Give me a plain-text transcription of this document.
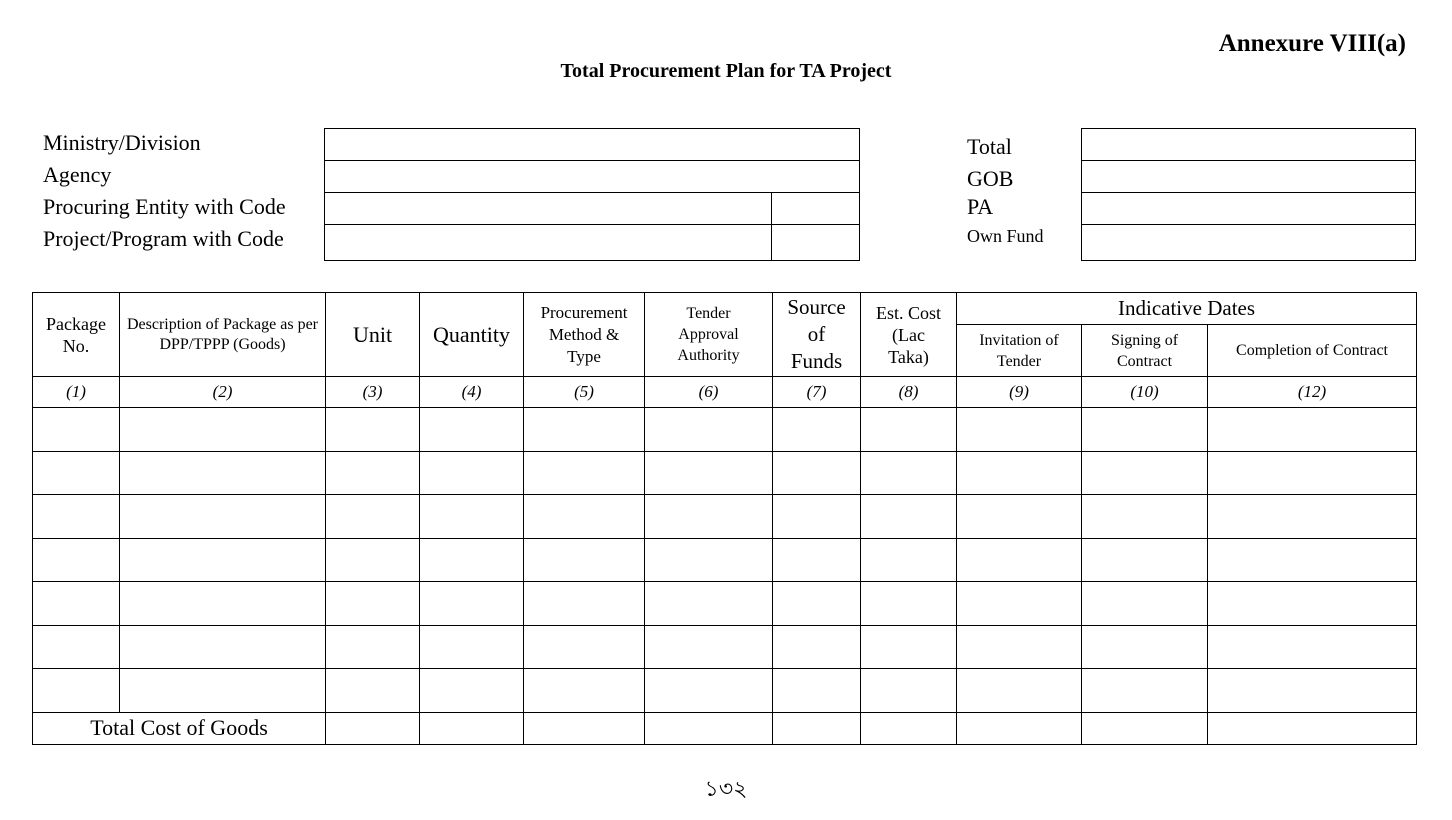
Annexure VIII(a)
Total Procurement Plan for TA Project
Ministry/Division
Agency
Procuring Entity with Code
Project/Program with Code
Total
GOB
PA
Own Fund
Package No.	Description of Package as per DPP/TPPP (Goods)	Unit	Quantity	Procurement Method & Type	Tender Approval Authority	Source of Funds	Est. Cost (Lac Taka)	Indicative Dates		
								Invitation of Tender	Signing of Contract	Completion of Contract
(1)	(2)	(3)	(4)	(5)	(6)	(7)	(8)	(9)	(10)	(12)

Total Cost of Goods										
১৩২
